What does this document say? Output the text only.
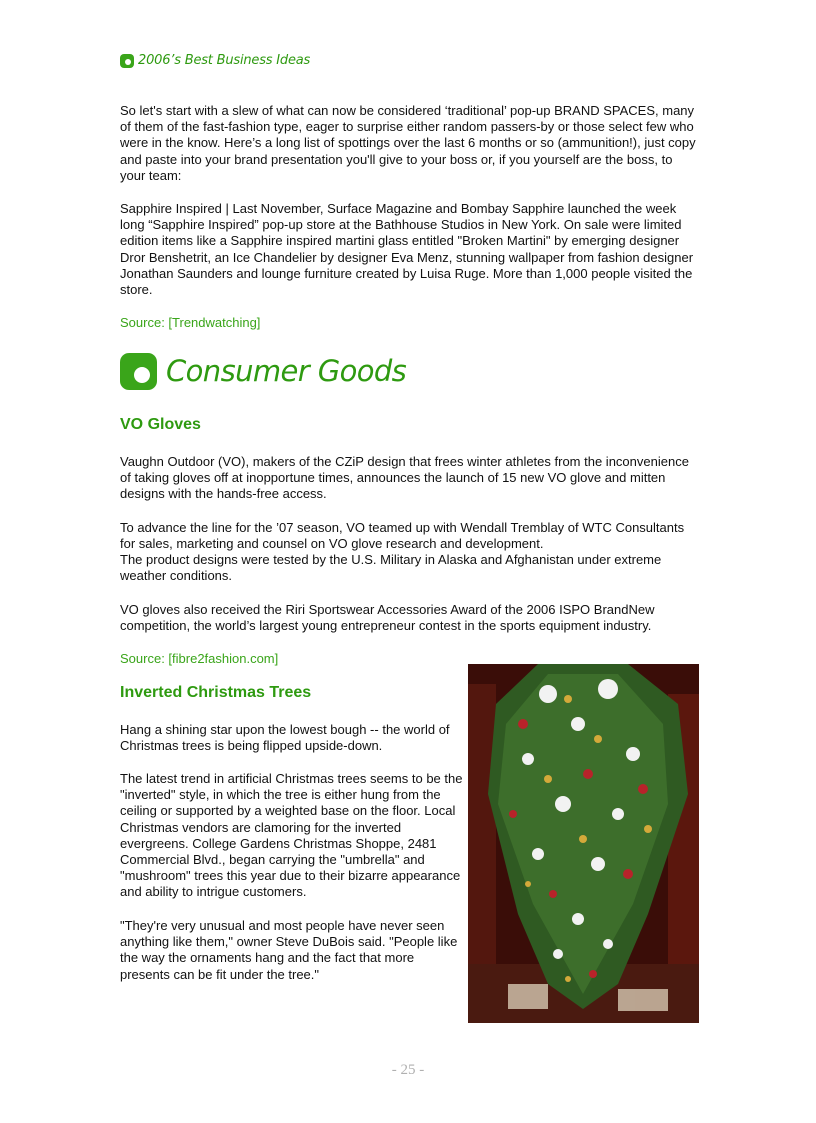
2006’s Best Business Ideas

So let's start with a slew of what can now be considered ‘traditional’ pop-up BRAND SPACES, many of them of the fast-fashion type, eager to surprise either random passers-by or those select few who were in the know. Here’s a long list of spottings over the last 6 months or so (ammunition!), just copy and paste into your brand presentation you'll give to your boss or, if you yourself are the boss, to your team:

Sapphire Inspired | Last November, Surface Magazine and Bombay Sapphire launched the week long “Sapphire Inspired” pop-up store at the Bathhouse Studios in New York. On sale were limited edition items like a Sapphire inspired martini glass entitled "Broken Martini" by emerging designer Dror Benshetrit, an Ice Chandelier by designer Eva Menz, stunning wallpaper from fashion designer Jonathan Saunders and lounge furniture created by Luisa Ruge. More than 1,000 people visited the store.

Source: [Trendwatching]

Consumer Goods
VO Gloves

Vaughn Outdoor (VO), makers of the CZiP design that frees winter athletes from the inconvenience of taking gloves off at inopportune times, announces the launch of 15 new VO glove and mitten designs with the hands-free access.

To advance the line for the ’07 season, VO teamed up with Wendall Tremblay of WTC Consultants for sales, marketing and counsel on VO glove research and development.

The product designs were tested by the U.S. Military in Alaska and Afghanistan under extreme weather conditions.

VO gloves also received the Riri Sportswear Accessories Award of the 2006 ISPO BrandNew competition, the world’s largest young entrepreneur contest in the sports equipment industry.

Source: [fibre2fashion.com]

Inverted Christmas Trees

Hang a shining star upon the lowest bough -- the world of Christmas trees is being flipped upside-down.

The latest trend in artificial Christmas trees seems to be the "inverted" style, in which the tree is either hung from the ceiling or supported by a weighted base on the floor. Local Christmas vendors are clamoring for the inverted evergreens. College Gardens Christmas Shoppe, 2481 Commercial Blvd., began carrying the "umbrella" and "mushroom" trees this year due to their bizarre appearance and ability to intrigue customers.

"They're very unusual and most people have never seen anything like them," owner Steve DuBois said. "People like the way the ornaments hang and the fact that more presents can be fit under the tree."

- 25 -
